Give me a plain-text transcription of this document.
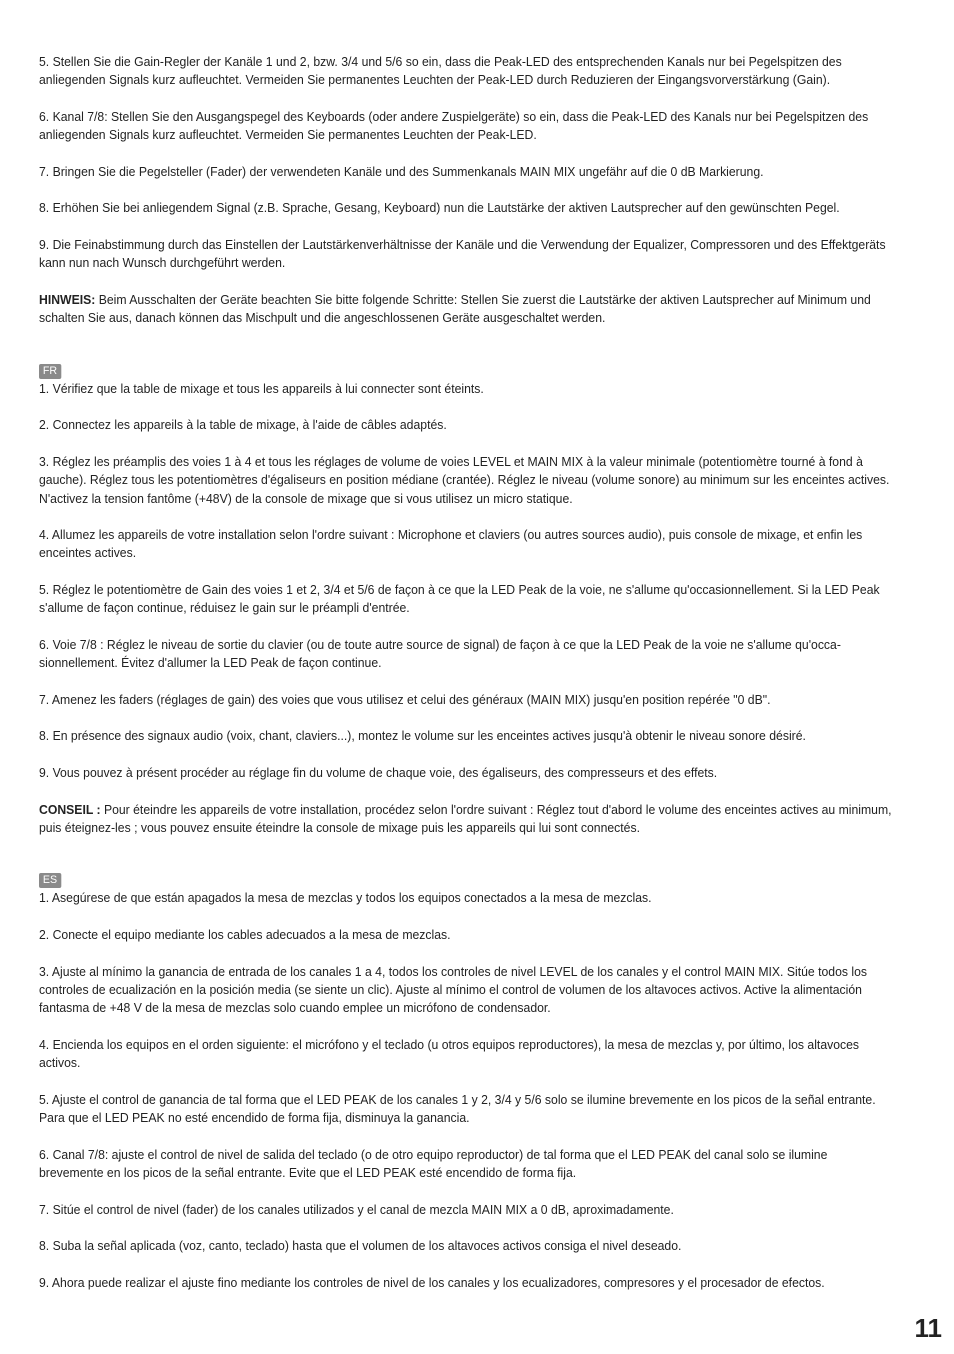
5. Stellen Sie die Gain-Regler der Kanäle 1 und 2, bzw. 3/4 und 5/6 so ein, dass die Peak-LED des entsprechenden Kanals nur bei Pegelspitzen des anliegenden Signals kurz aufleuchtet. Vermeiden Sie permanentes Leuchten der Peak-LED durch Reduzieren der Eingangsvorverstärkung (Gain).

6. Kanal 7/8: Stellen Sie den Ausgangspegel des Keyboards (oder andere Zuspielgeräte) so ein, dass die Peak-LED des Kanals nur bei Pegelspitzen des anliegenden Signals kurz aufleuchtet. Vermeiden Sie permanentes Leuchten der Peak-LED.

7. Bringen Sie die Pegelsteller (Fader) der verwendeten Kanäle und des Summenkanals MAIN MIX ungefähr auf die 0 dB Markierung.

8. Erhöhen Sie bei anliegendem Signal (z.B. Sprache, Gesang, Keyboard) nun die Lautstärke der aktiven Lautsprecher auf den gewünschten Pegel.

9. Die Feinabstimmung durch das Einstellen der Lautstärkenverhältnisse der Kanäle und die Verwendung der Equalizer, Compressoren und des Effektgeräts kann nun nach Wunsch durchgeführt werden.

HINWEIS: Beim Ausschalten der Geräte beachten Sie bitte folgende Schritte: Stellen Sie zuerst die Lautstärke der aktiven Lautsprecher auf Minimum und schalten Sie aus, danach können das Mischpult und die angeschlossenen Geräte ausgeschaltet werden.

FR

1. Vérifiez que la table de mixage et tous les appareils à lui connecter sont éteints.

2. Connectez les appareils à la table de mixage, à l'aide de câbles adaptés.

3. Réglez les préamplis des voies 1 à 4 et tous les réglages de volume de voies LEVEL et MAIN MIX à la valeur minimale (potentiomètre tourné à fond à gauche). Réglez tous les potentiomètres d'égaliseurs en position médiane (crantée). Réglez le niveau (volume sonore) au minimum sur les enceintes actives. N'activez la tension fantôme (+48V) de la console de mixage que si vous utilisez un micro statique.

4. Allumez les appareils de votre installation selon l'ordre suivant : Microphone et claviers (ou autres sources audio), puis console de mixage, et enfin les enceintes actives.

5. Réglez le potentiomètre de Gain des voies 1 et 2, 3/4 et 5/6 de façon à ce que la LED Peak de la voie, ne s'allume qu'occasionnellement. Si la LED Peak s'allume de façon continue, réduisez le gain sur le préampli d'entrée.

6. Voie 7/8 : Réglez le niveau de sortie du clavier (ou de toute autre source de signal) de façon à ce que la LED Peak de la voie ne s'allume qu'occa-sionnellement. Évitez d'allumer la LED Peak de façon continue.

7. Amenez les faders (réglages de gain) des voies que vous utilisez et celui des généraux (MAIN MIX) jusqu'en position repérée "0 dB".

8. En présence des signaux audio (voix, chant, claviers...), montez le volume sur les enceintes actives jusqu'à obtenir le niveau sonore désiré.

9. Vous pouvez à présent procéder au réglage fin du volume de chaque voie, des égaliseurs, des compresseurs et des effets.

CONSEIL : Pour éteindre les appareils de votre installation, procédez selon l'ordre suivant : Réglez tout d'abord le volume des enceintes actives au minimum, puis éteignez-les ; vous pouvez ensuite éteindre la console de mixage puis les appareils qui lui sont connectés.

ES

1. Asegúrese de que están apagados la mesa de mezclas y todos los equipos conectados a la mesa de mezclas.

2. Conecte el equipo mediante los cables adecuados a la mesa de mezclas.

3. Ajuste al mínimo la ganancia de entrada de los canales 1 a 4, todos los controles de nivel LEVEL de los canales y el control MAIN MIX. Sitúe todos los controles de ecualización en la posición media (se siente un clic). Ajuste al mínimo el control de volumen de los altavoces activos. Active la alimentación fantasma de +48 V de la mesa de mezclas solo cuando emplee un micrófono de condensador.

4. Encienda los equipos en el orden siguiente: el micrófono y el teclado (u otros equipos reproductores), la mesa de mezclas y, por último, los altavoces activos.

5. Ajuste el control de ganancia de tal forma que el LED PEAK de los canales 1 y 2, 3/4 y 5/6 solo se ilumine brevemente en los picos de la señal entrante. Para que el LED PEAK no esté encendido de forma fija, disminuya la ganancia.

6. Canal 7/8: ajuste el control de nivel de salida del teclado (o de otro equipo reproductor) de tal forma que el LED PEAK del canal solo se ilumine brevemente en los picos de la señal entrante. Evite que el LED PEAK esté encendido de forma fija.

7. Sitúe el control de nivel (fader) de los canales utilizados y el canal de mezcla MAIN MIX a 0 dB, aproximadamente.

8. Suba la señal aplicada (voz, canto, teclado) hasta que el volumen de los altavoces activos consiga el nivel deseado.

9. Ahora puede realizar el ajuste fino mediante los controles de nivel de los canales y los ecualizadores, compresores y el procesador de efectos.

11
